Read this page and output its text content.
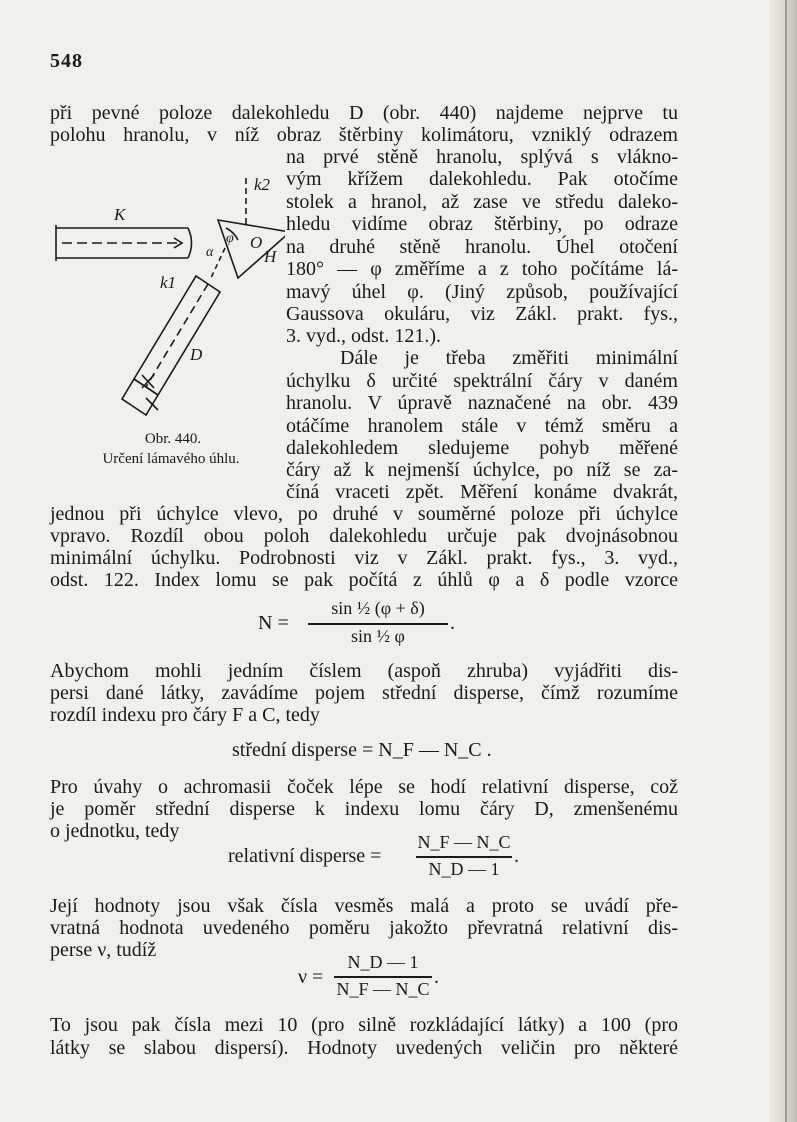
548
K
k2
k1
D
O
H
φ
α
Obr. 440.
Určení lámavého úhlu.
při pevné poloze dalekohledu D (obr. 440) najdeme nejprve tu
polohu hranolu, v níž obraz štěrbiny kolimátoru, vzniklý odrazem
na prvé stěně hranolu, splývá s vlákno-
vým křížem dalekohledu. Pak otočíme
stolek a hranol, až zase ve středu daleko-
hledu vidíme obraz štěrbiny, po odraze
na druhé stěně hranolu. Úhel otočení
180° — φ změříme a z toho počítáme lá-
mavý úhel φ. (Jiný způsob, používající
Gaussova okuláru, viz Zákl. prakt. fys.,
3. vyd., odst. 121.).
Dále je třeba změřiti minimální
úchylku δ určité spektrální čáry v daném
hranolu. V úpravě naznačené na obr. 439
otáčíme hranolem stále v témž směru a
dalekohledem sledujeme pohyb měřené
čáry až k nejmenší úchylce, po níž se za-
číná vraceti zpět. Měření konáme dvakrát,
jednou při úchylce vlevo, po druhé v souměrné poloze při úchylce
vpravo. Rozdíl obou poloh dalekohledu určuje pak dvojnásobnou
minimální úchylku. Podrobnosti viz v Zákl. prakt. fys., 3. vyd.,
odst. 122. Index lomu se pak počítá z úhlů φ a δ podle vzorce
N =
sin ½ (φ + δ)
sin ½ φ
.
Abychom mohli jedním číslem (aspoň zhruba) vyjádřiti dis-
persi dané látky, zavádíme pojem střední disperse, čímž rozumíme
rozdíl indexu pro čáry F a C, tedy
střední disperse = N_F — N_C .
Pro úvahy o achromasii čoček lépe se hodí relativní disperse, což
je poměr střední disperse k indexu lomu čáry D, zmenšenému
o jednotku, tedy
relativní disperse =
N_F — N_C
N_D — 1
.
Její hodnoty jsou však čísla vesměs malá a proto se uvádí pře-
vratná hodnota uvedeného poměru jakožto převratná relativní dis-
perse ν, tudíž
ν =
N_D — 1
N_F — N_C
.
To jsou pak čísla mezi 10 (pro silně rozkládající látky) a 100 (pro
látky se slabou dispersí). Hodnoty uvedených veličin pro některé
